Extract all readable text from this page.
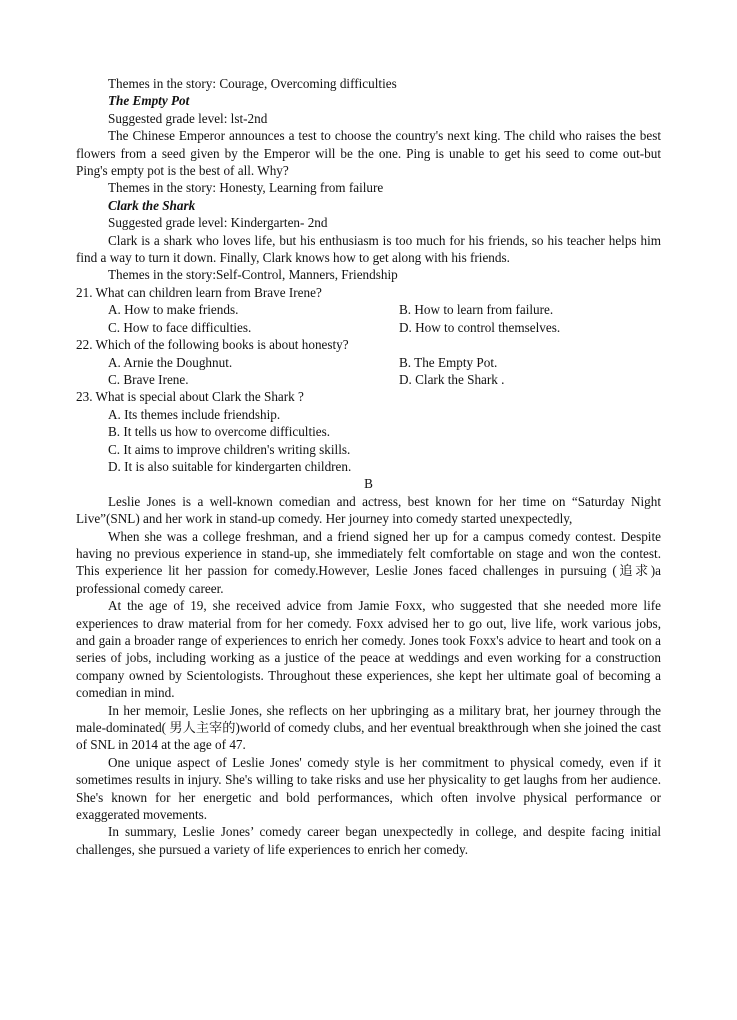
Themes in the story: Courage, Overcoming difficulties

The Empty Pot

Suggested grade level: lst-2nd

The Chinese Emperor announces a test to choose the country's next king. The child who raises the best flowers from a seed given by the Emperor will be the one. Ping is unable to get his seed to come out-but Ping's empty pot is the best of all. Why?

Themes in the story: Honesty, Learning from failure

Clark the Shark

Suggested grade level: Kindergarten- 2nd

Clark is a shark who loves life, but his enthusiasm is too much for his friends, so his teacher helps him find a way to turn it down. Finally, Clark knows how to get along with his friends.

Themes in the story:Self-Control, Manners, Friendship

21. What can children learn from Brave Irene?

A. How to make friends.	B. How to learn from failure.
C. How to face difficulties.	D. How to control themselves.

22. Which of the following books is about honesty?

A. Arnie the Doughnut.	B. The Empty Pot.
C. Brave Irene.	D. Clark the Shark .

23. What is special about Clark the Shark ?

A. Its themes include friendship.

B. It tells us how to overcome difficulties.

C. It aims to improve children's writing skills.

D. It is also suitable for kindergarten children.

B

Leslie Jones is a well-known comedian and actress, best known for her time on “Saturday Night Live”(SNL) and her work in stand-up comedy. Her journey into comedy started unexpectedly,

When she was a college freshman, and a friend signed her up for a campus comedy contest. Despite having no previous experience in stand-up, she immediately felt comfortable on stage and won the contest. This experience lit her passion for comedy.However, Leslie Jones faced challenges in pursuing (追求)a professional comedy career.

At the age of 19, she received advice from Jamie Foxx, who suggested that she needed more life experiences to draw material from for her comedy. Foxx advised her to go out, live life, work various jobs, and gain a broader range of experiences to enrich her comedy. Jones took Foxx's advice to heart and took on a series of jobs, including working as a justice of the peace at weddings and even working for a construction company owned by Scientologists. Throughout these experiences, she kept her ultimate goal of becoming a comedian in mind.

In her memoir, Leslie Jones, she reflects on her upbringing as a military brat, her journey through the male-dominated( 男人主宰的)world of comedy clubs, and her eventual breakthrough when she joined the cast of SNL in 2014 at the age of 47.

One unique aspect of Leslie Jones' comedy style is her commitment to physical comedy, even if it sometimes results in injury. She's willing to take risks and use her physicality to get laughs from her audience. She's known for her energetic and bold performances, which often involve physical performance or exaggerated movements.

In summary, Leslie Jones’ comedy career began unexpectedly in college, and despite facing initial challenges, she pursued a variety of life experiences to enrich her comedy.
